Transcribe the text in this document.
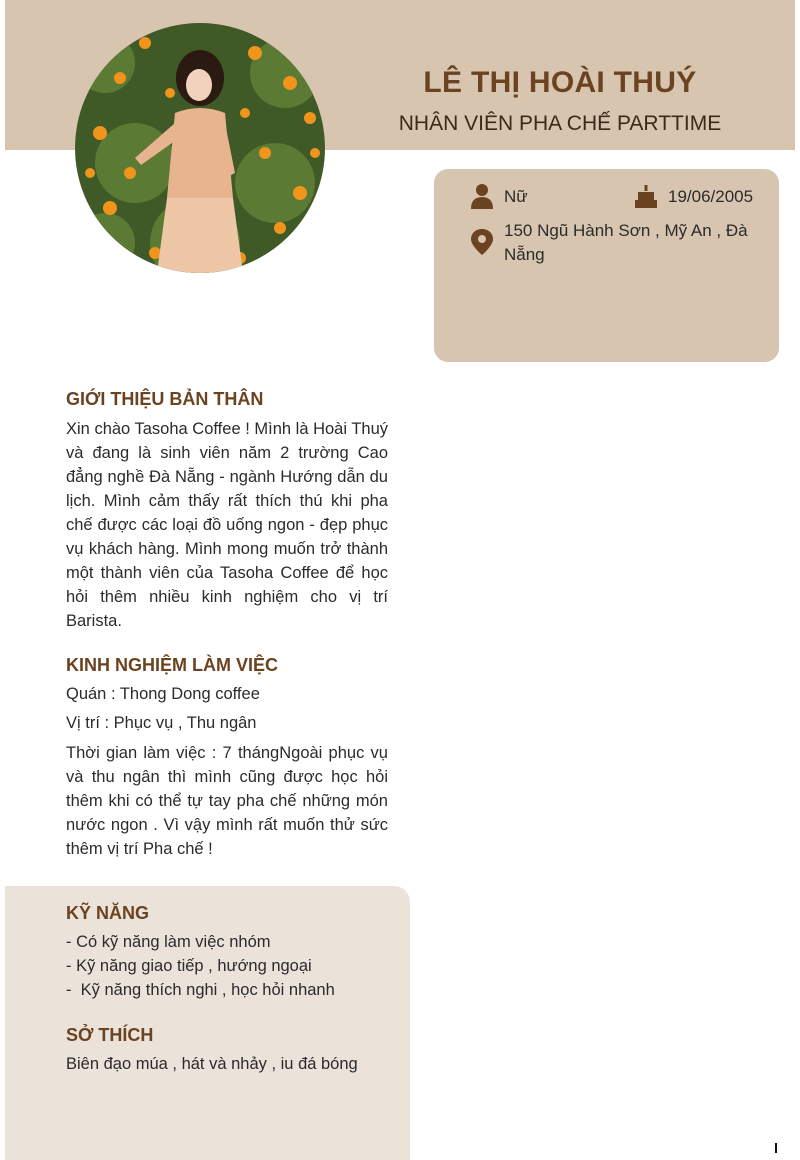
LÊ THỊ HOÀI THUÝ
NHÂN VIÊN PHA CHẾ PARTTIME
Nữ	19/06/2005
150 Ngũ Hành Sơn , Mỹ An , Đà Nẵng
GIỚI THIỆU BẢN THÂN
Xin chào Tasoha Coffee ! Mình là Hoài Thuý và đang là sinh viên năm 2 trường Cao đẳng nghề Đà Nẵng - ngành Hướng dẫn du lịch. Mình cảm thấy rất thích thú khi pha chế được các loại đồ uống ngon - đẹp phục vụ khách hàng. Mình mong muốn trở thành một thành viên của Tasoha Coffee để học hỏi thêm nhiều kinh nghiệm cho vị trí Barista.
KINH NGHIỆM LÀM VIỆC
Quán : Thong Dong coffee
Vị trí : Phục vụ , Thu ngân
Thời gian làm việc : 7 thángNgoài phục vụ và thu ngân thì mình cũng được học hỏi thêm khi có thể tự tay pha chế những món nước ngon . Vì vậy mình rất muốn thử sức thêm vị trí Pha chế !
KỸ NĂNG
- Có kỹ năng làm việc nhóm
- Kỹ năng giao tiếp , hướng ngoại
-  Kỹ năng thích nghi , học hỏi nhanh
SỞ THÍCH
Biên đạo múa , hát và nhảy , iu đá bóng
